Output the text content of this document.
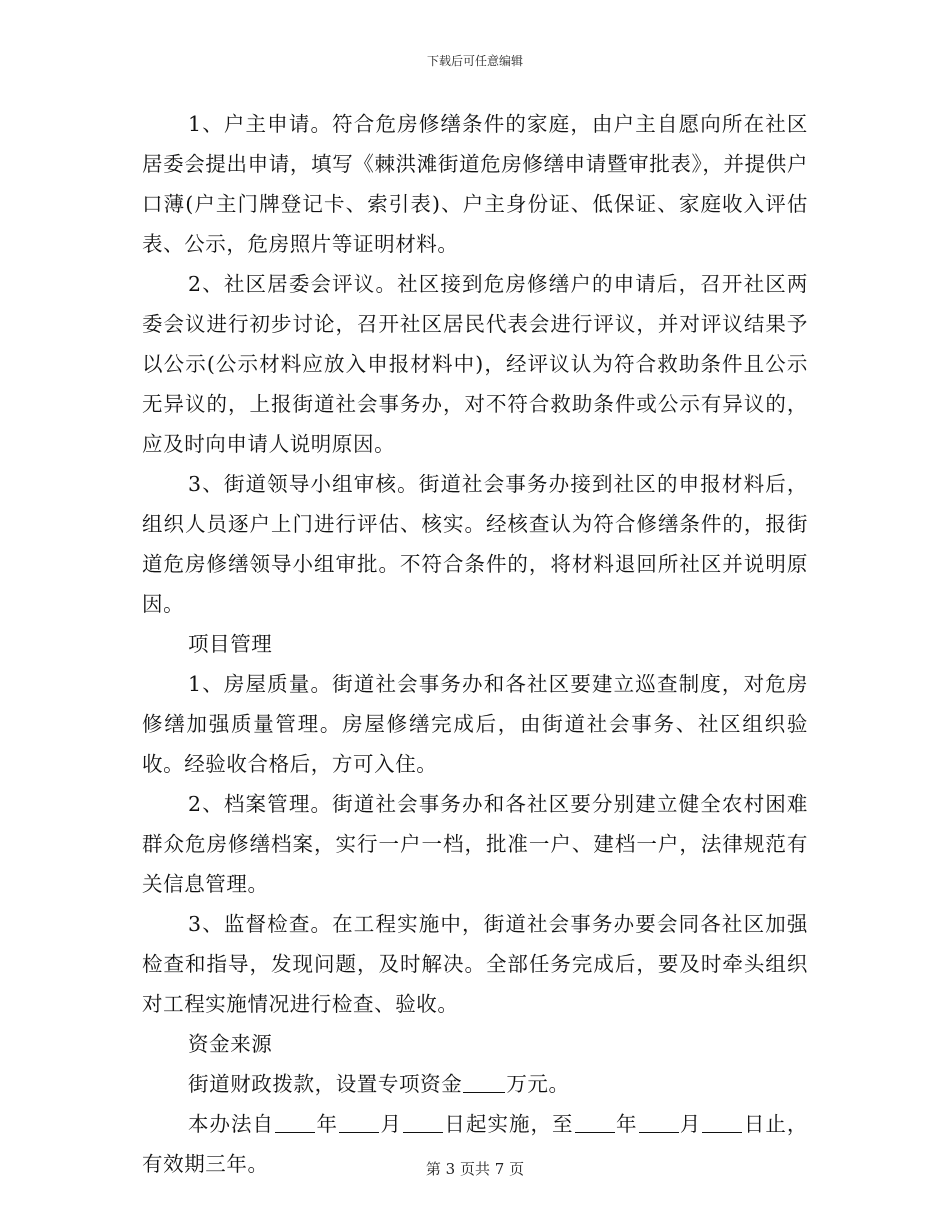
下载后可任意编辑

1、户主申请。符合危房修缮条件的家庭，由户主自愿向所在社区居委会提出申请，填写《棘洪滩街道危房修缮申请暨审批表》，并提供户口薄(户主门牌登记卡、索引表)、户主身份证、低保证、家庭收入评估表、公示，危房照片等证明材料。

2、社区居委会评议。社区接到危房修缮户的申请后，召开社区两委会议进行初步讨论，召开社区居民代表会进行评议，并对评议结果予以公示(公示材料应放入申报材料中)，经评议认为符合救助条件且公示无异议的，上报街道社会事务办，对不符合救助条件或公示有异议的，应及时向申请人说明原因。

3、街道领导小组审核。街道社会事务办接到社区的申报材料后，组织人员逐户上门进行评估、核实。经核查认为符合修缮条件的，报街道危房修缮领导小组审批。不符合条件的，将材料退回所社区并说明原因。

项目管理

1、房屋质量。街道社会事务办和各社区要建立巡查制度，对危房修缮加强质量管理。房屋修缮完成后，由街道社会事务、社区组织验收。经验收合格后，方可入住。

2、档案管理。街道社会事务办和各社区要分别建立健全农村困难群众危房修缮档案，实行一户一档，批准一户、建档一户，法律规范有关信息管理。

3、监督检查。在工程实施中，街道社会事务办要会同各社区加强检查和指导，发现问题，及时解决。全部任务完成后，要及时牵头组织对工程实施情况进行检查、验收。

资金来源

街道财政拨款，设置专项资金 万元。

本办法自 年 月 日起实施，至 年 月 日止，有效期三年。	第 3 页共 7 页
